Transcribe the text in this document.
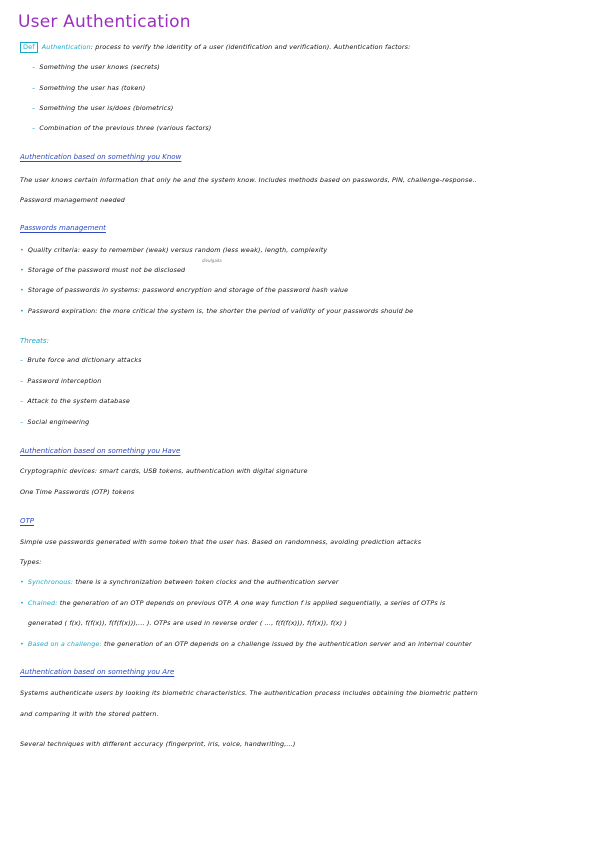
User Authentication
Def Authentication: process to verify the identity of a user (identification and verification). Authentication factors:
– Something the user knows (secrets)
– Something the user has (token)
– Something the user is/does (biometrics)
– Combination of the previous three (various factors)
Authentication based on something you Know
The user knows certain information that only he and the system know. Includes methods based on passwords, PIN, challenge-response..
Password management needed
Passwords management
• Quality criteria: easy to remember (weak) versus random (less weak), length, complexity
• Storage of the password must not be disclosed
divulgada
• Storage of passwords in systems: password encryption and storage of the password hash value
• Password expiration: the more critical the system is, the shorter the period of validity of your passwords should be
Threats:
– Brute force and dictionary attacks
– Password interception
– Attack to the system database
– Social engineering
Authentication based on something you Have
Cryptographic devices: smart cards, USB tokens, authentication with digital signature
One Time Passwords (OTP) tokens
OTP
Simple use passwords generated with some token that the user has. Based on randomness, avoiding prediction attacks
Types:
• Synchronous: there is a synchronization between token clocks and the authentication server
• Chained: the generation of an OTP depends on previous OTP. A one way function f is applied sequentially, a series of OTPs is
generated ( f(x), f(f(x)), f(f(f(x))),... ). OTPs are used in reverse order ( ..., f(f(f(x))), f(f(x)), f(x) )
• Based on a challenge: the generation of an OTP depends on a challenge issued by the authentication server and an internal counter
Authentication based on something you Are
Systems authenticate users by looking its biometric characteristics. The authentication process includes obtaining the biometric pattern
and comparing it with the stored pattern.
Several techniques with different accuracy (fingerprint, iris, voice, handwriting,...)
